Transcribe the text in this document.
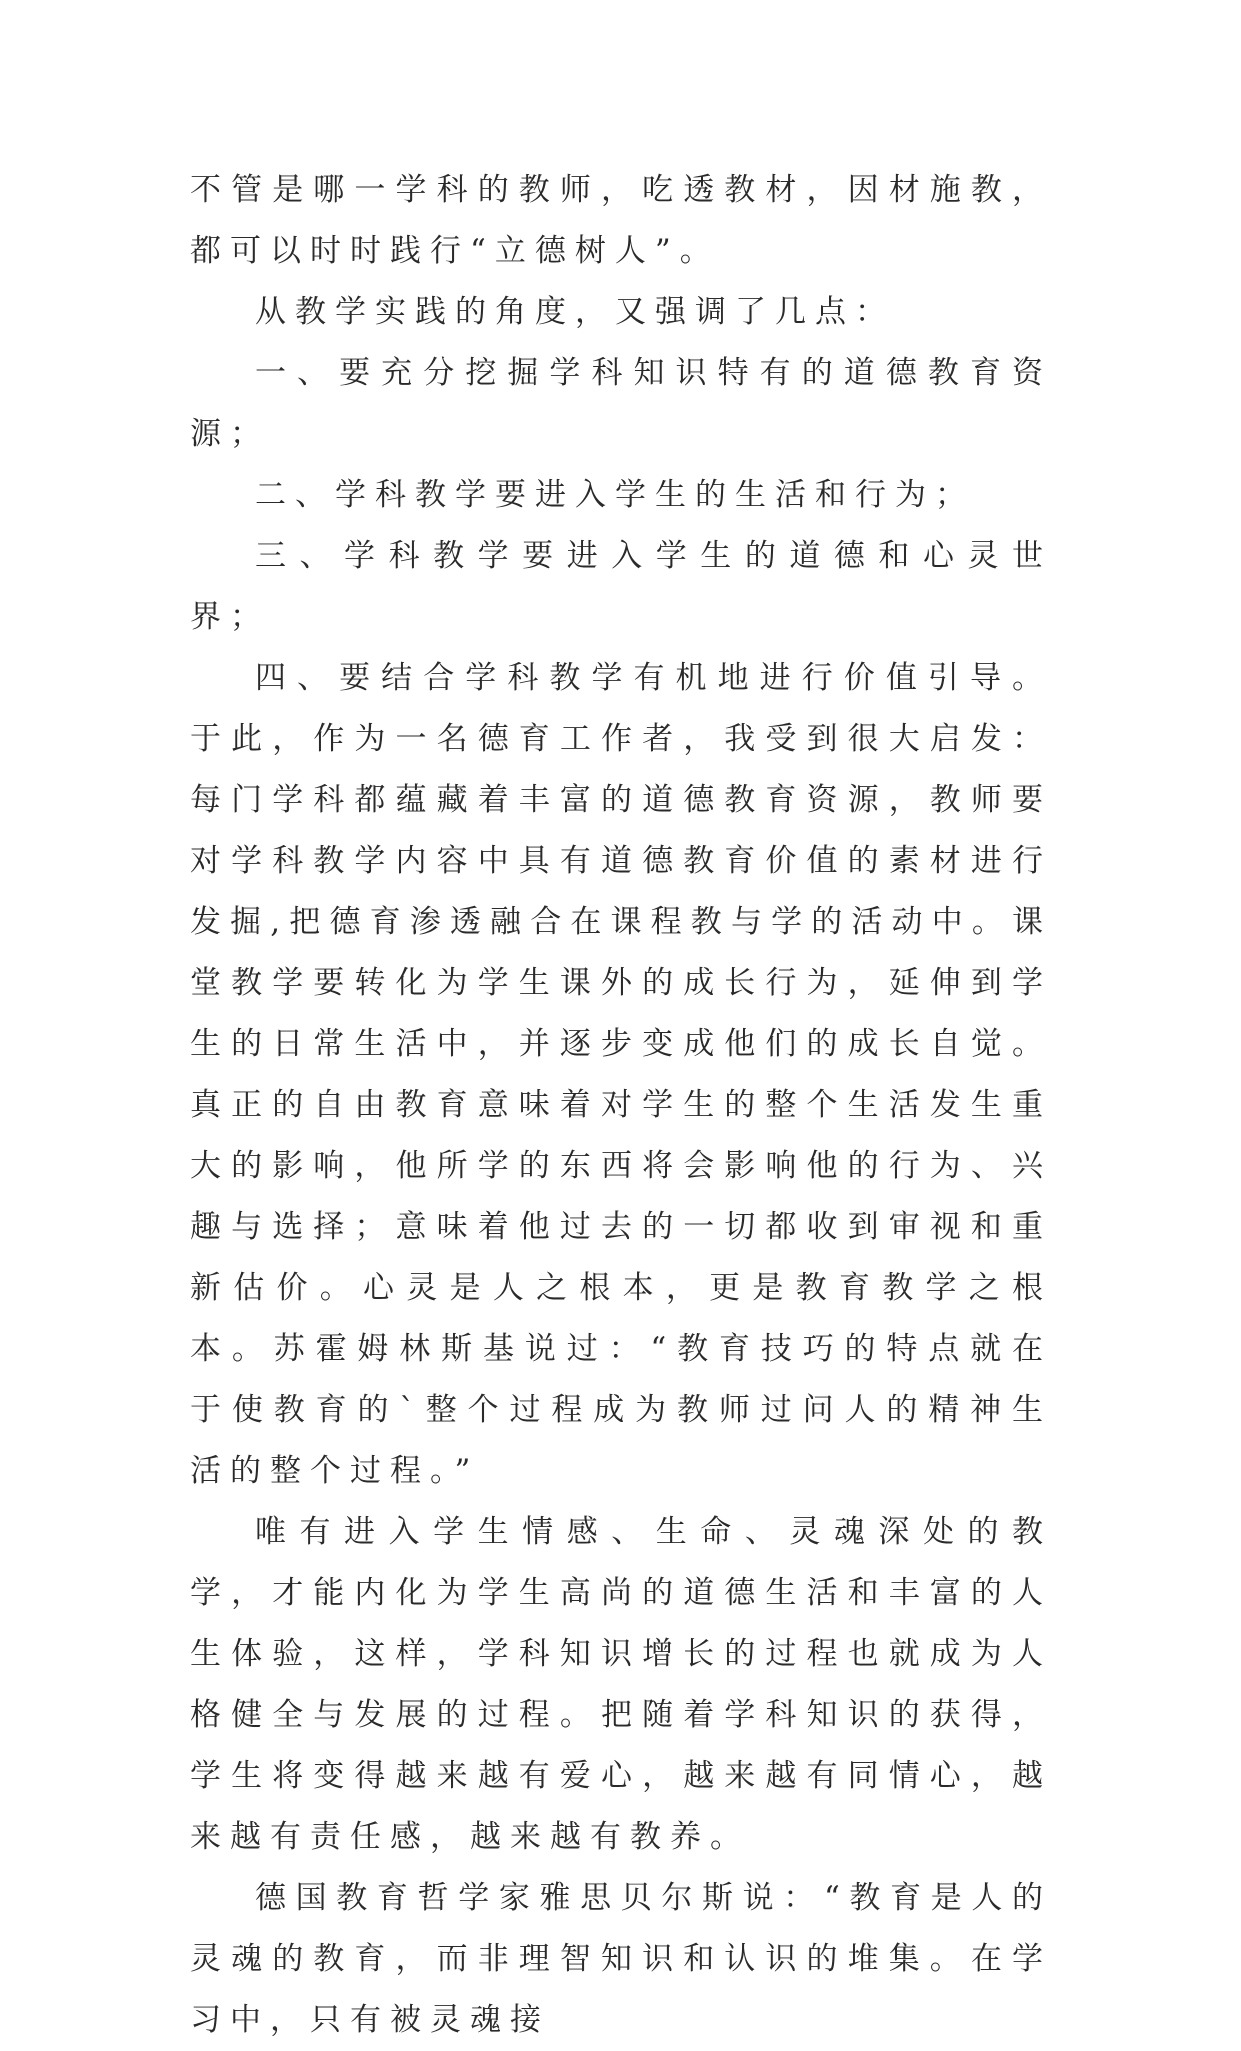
不管是哪一学科的教师，吃透教材，因材施教，都可以时时践行“立德树人”。

从教学实践的角度，又强调了几点：

一、要充分挖掘学科知识特有的道德教育资源；

二、学科教学要进入学生的生活和行为；

三、学科教学要进入学生的道德和心灵世界；

四、要结合学科教学有机地进行价值引导。于此，作为一名德育工作者，我受到很大启发：每门学科都蕴藏着丰富的道德教育资源，教师要对学科教学内容中具有道德教育价值的素材进行发掘,把德育渗透融合在课程教与学的活动中。课堂教学要转化为学生课外的成长行为，延伸到学生的日常生活中，并逐步变成他们的成长自觉。真正的自由教育意味着对学生的整个生活发生重大的影响，他所学的东西将会影响他的行为、兴趣与选择；意味着他过去的一切都收到审视和重新估价。心灵是人之根本，更是教育教学之根本。苏霍姆林斯基说过：“教育技巧的特点就在于使教育的`整个过程成为教师过问人的精神生活的整个过程。”

唯有进入学生情感、生命、灵魂深处的教学，才能内化为学生高尚的道德生活和丰富的人生体验，这样，学科知识增长的过程也就成为人格健全与发展的过程。把随着学科知识的获得，学生将变得越来越有爱心，越来越有同情心，越来越有责任感，越来越有教养。

德国教育哲学家雅思贝尔斯说：“教育是人的灵魂的教育，而非理智知识和认识的堆集。在学习中，只有被灵魂接
